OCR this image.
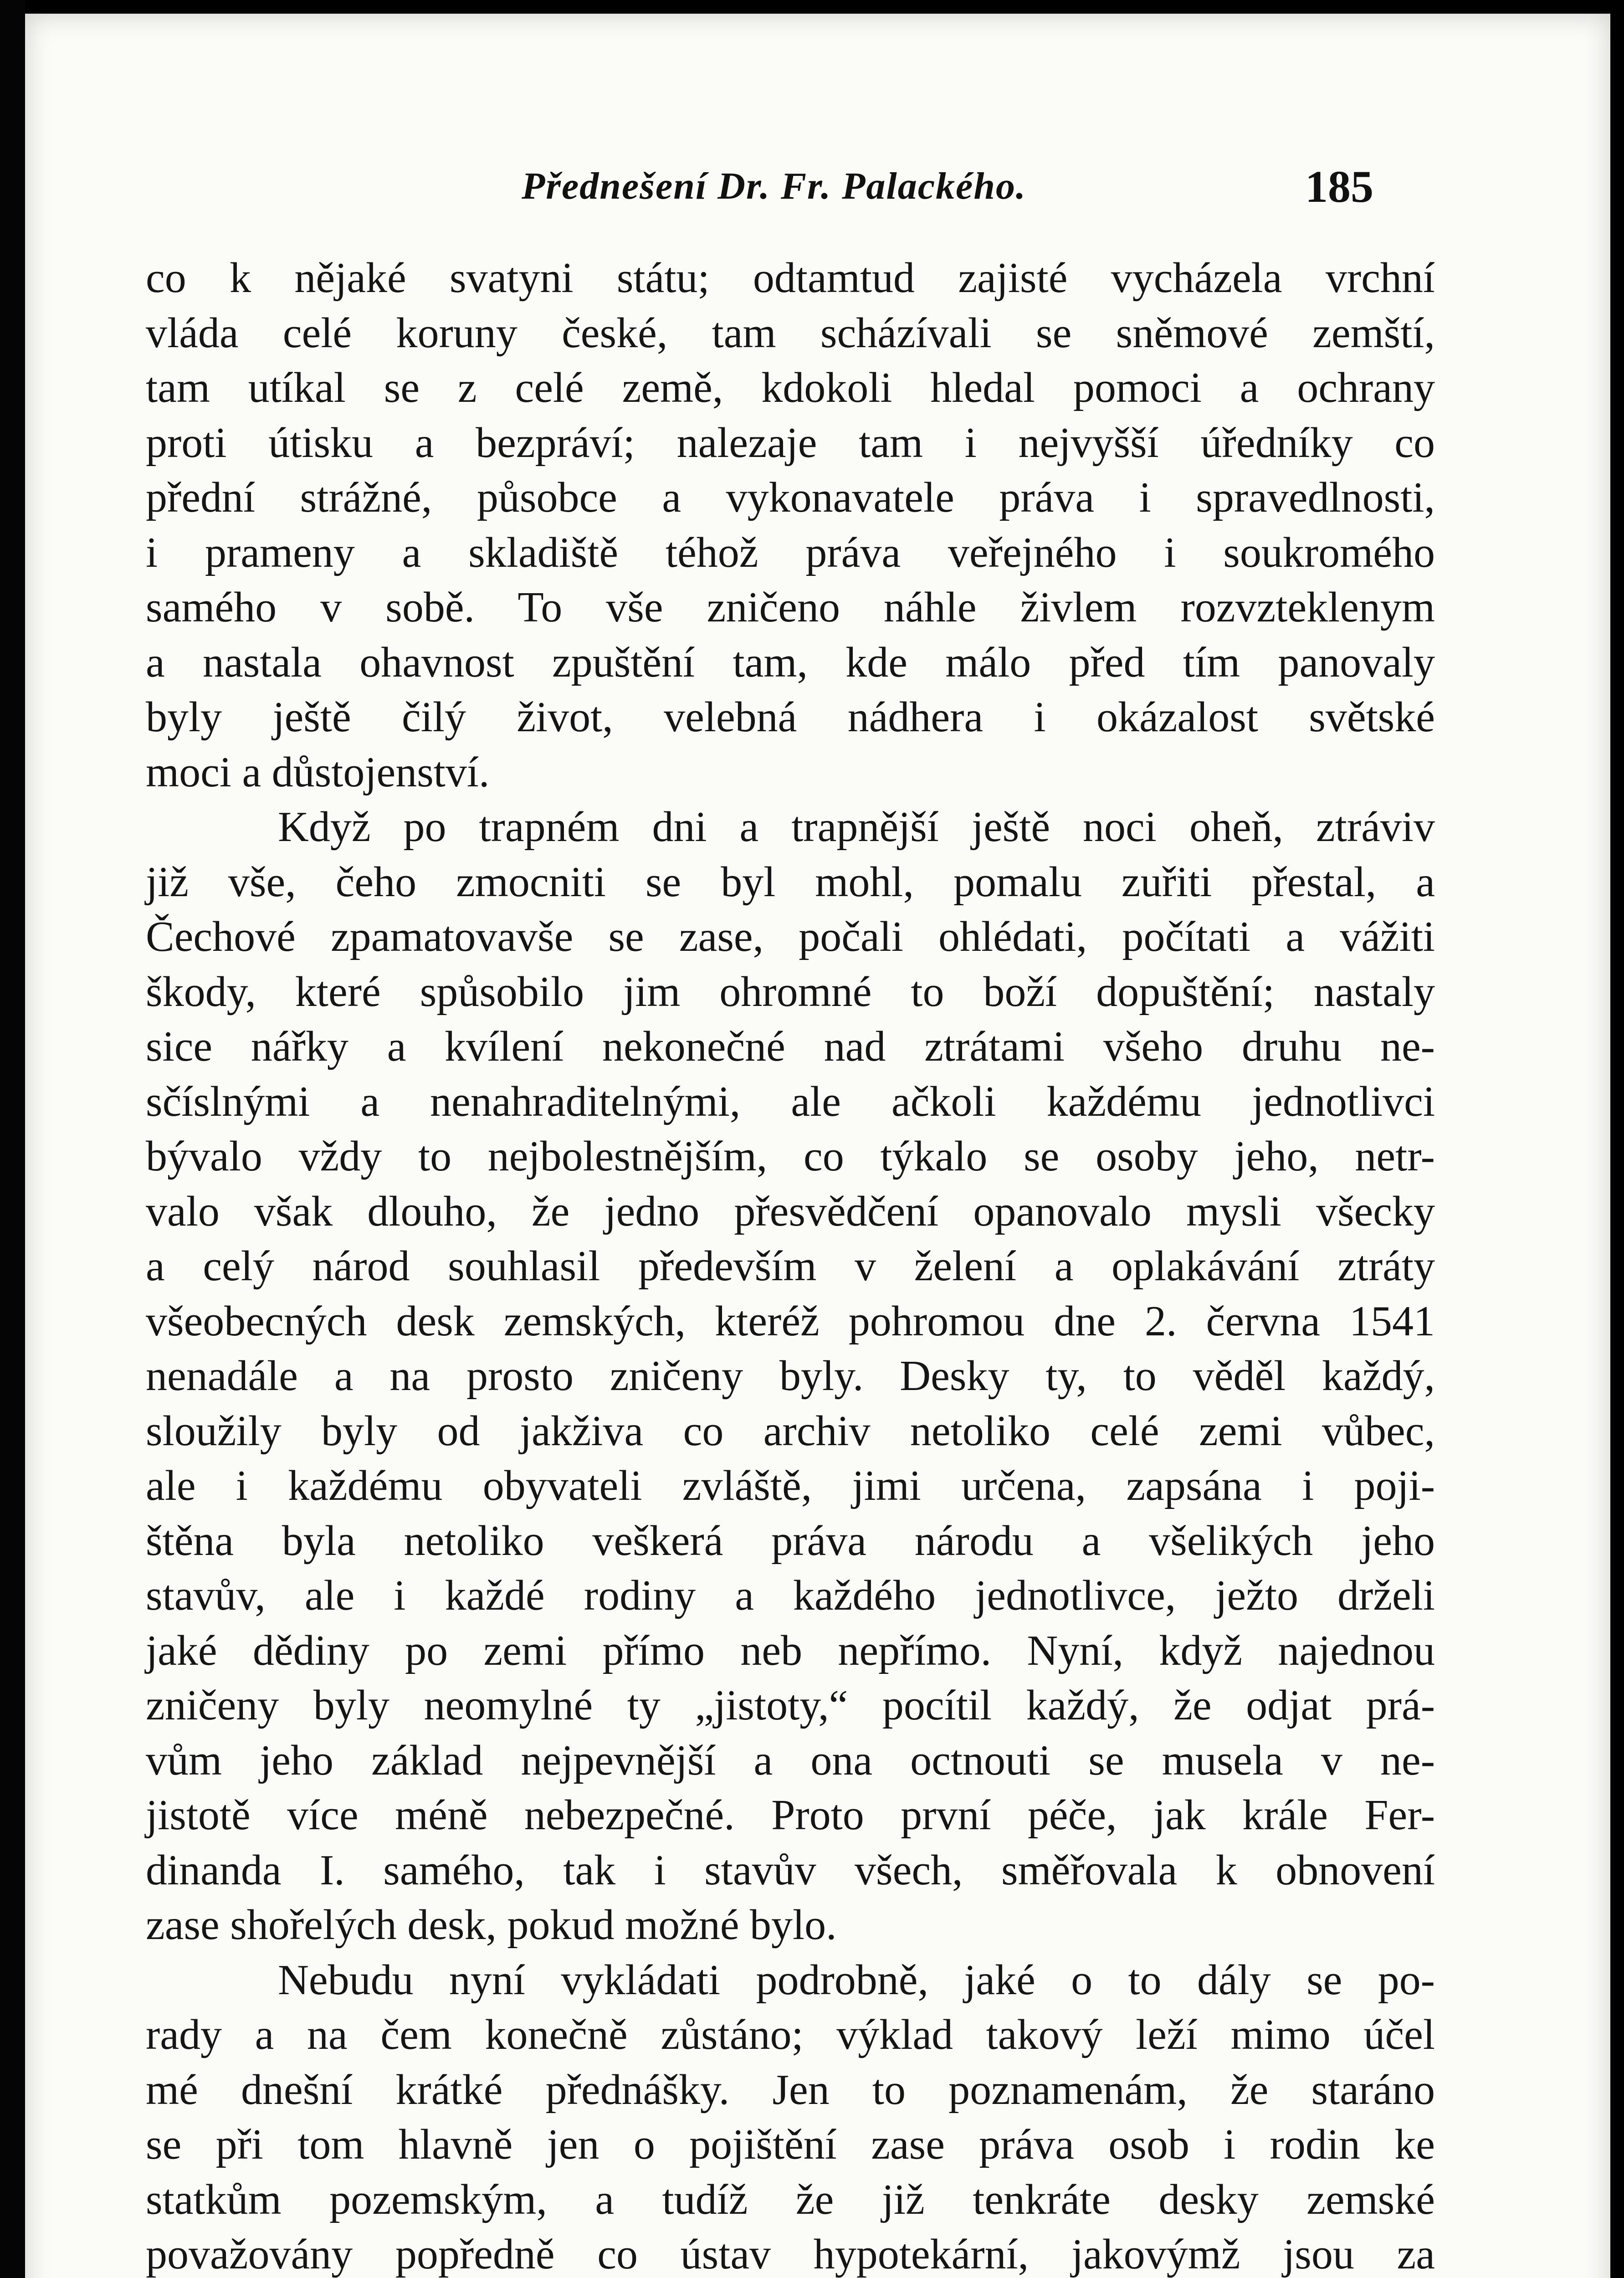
Přednešení Dr. Fr. Palackého.	185
co k nějaké svatyni státu; odtamtud zajisté vycházela vrchní
vláda celé koruny české, tam scházívali se sněmové zemští,
tam utíkal se z celé země, kdokoli hledal pomoci a ochrany
proti útisku a bezpráví; nalezaje tam i nejvyšší úředníky co
přední strážné, působce a vykonavatele práva i spravedlnosti,
i prameny a skladiště téhož práva veřejného i soukromého
samého v sobě. To vše zničeno náhle živlem rozvzteklenym
a nastala ohavnost zpuštění tam, kde málo před tím panovaly
byly ještě čilý život, velebná nádhera i okázalost světské
moci a důstojenství.
Když po trapném dni a trapnější ještě noci oheň, ztráviv
již vše, čeho zmocniti se byl mohl, pomalu zuřiti přestal, a
Čechové zpamatovavše se zase, počali ohlédati, počítati a vážiti
škody, které spůsobilo jim ohromné to boží dopuštění; nastaly
sice nářky a kvílení nekonečné nad ztrátami všeho druhu ne-
sčíslnými a nenahraditelnými, ale ačkoli každému jednotlivci
bývalo vždy to nejbolestnějším, co týkalo se osoby jeho, netr-
valo však dlouho, že jedno přesvědčení opanovalo mysli všecky
a celý národ souhlasil především v želení a oplakávání ztráty
všeobecných desk zemských, kteréž pohromou dne 2. června 1541
nenadále a na prosto zničeny byly. Desky ty, to věděl každý,
sloužily byly od jakživa co archiv netoliko celé zemi vůbec,
ale i každému obyvateli zvláště, jimi určena, zapsána i poji-
štěna byla netoliko veškerá práva národu a všelikých jeho
stavův, ale i každé rodiny a každého jednotlivce, ježto drželi
jaké dědiny po zemi přímo neb nepřímo. Nyní, když najednou
zničeny byly neomylné ty „jistoty,“ pocítil každý, že odjat prá-
vům jeho základ nejpevnější a ona octnouti se musela v ne-
jistotě více méně nebezpečné. Proto první péče, jak krále Fer-
dinanda I. samého, tak i stavův všech, směřovala k obnovení
zase shořelých desk, pokud možné bylo.
Nebudu nyní vykládati podrobně, jaké o to dály se po-
rady a na čem konečně zůstáno; výklad takový leží mimo účel
mé dnešní krátké přednášky. Jen to poznamenám, že staráno
se při tom hlavně jen o pojištění zase práva osob i rodin ke
statkům pozemským, a tudíž že již tenkráte desky zemské
považovány popředně co ústav hypotekární, jakovýmž jsou za
